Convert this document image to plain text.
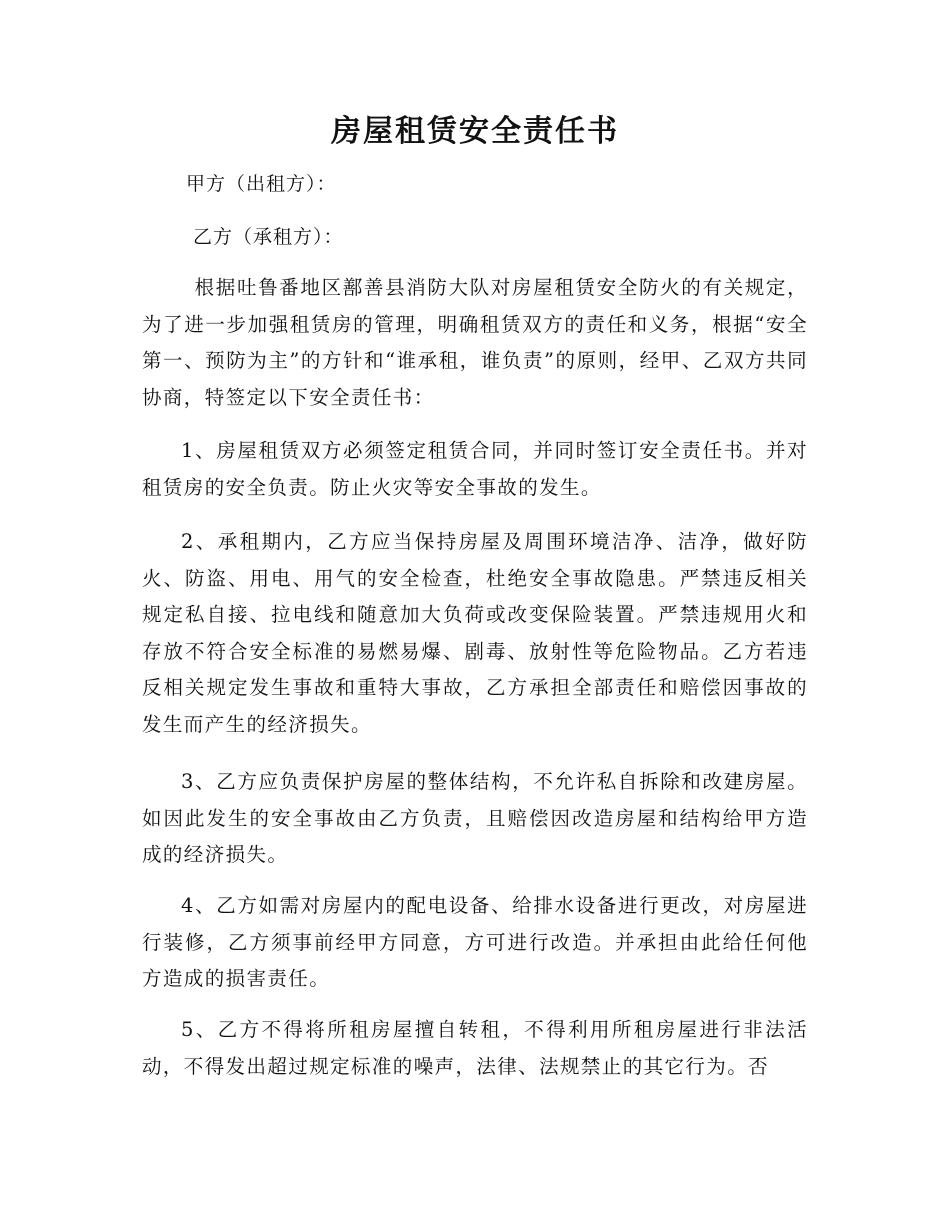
房屋租赁安全责任书
甲方（出租方）：
乙方（承租方）：

根据吐鲁番地区鄯善县消防大队对房屋租赁安全防火的有关规定，为了进一步加强租赁房的管理，明确租赁双方的责任和义务，根据“安全第一、预防为主”的方针和“谁承租，谁负责”的原则，经甲、乙双方共同协商，特签定以下安全责任书：

1、房屋租赁双方必须签定租赁合同，并同时签订安全责任书。并对租赁房的安全负责。防止火灾等安全事故的发生。

2、承租期内，乙方应当保持房屋及周围环境洁净、洁净，做好防火、防盗、用电、用气的安全检查，杜绝安全事故隐患。严禁违反相关规定私自接、拉电线和随意加大负荷或改变保险装置。严禁违规用火和存放不符合安全标准的易燃易爆、剧毒、放射性等危险物品。乙方若违反相关规定发生事故和重特大事故，乙方承担全部责任和赔偿因事故的发生而产生的经济损失。

3、乙方应负责保护房屋的整体结构，不允许私自拆除和改建房屋。如因此发生的安全事故由乙方负责，且赔偿因改造房屋和结构给甲方造成的经济损失。

4、乙方如需对房屋内的配电设备、给排水设备进行更改，对房屋进行装修，乙方须事前经甲方同意，方可进行改造。并承担由此给任何他方造成的损害责任。

5、乙方不得将所租房屋擅自转租，不得利用所租房屋进行非法活动，不得发出超过规定标准的噪声，法律、法规禁止的其它行为。否
